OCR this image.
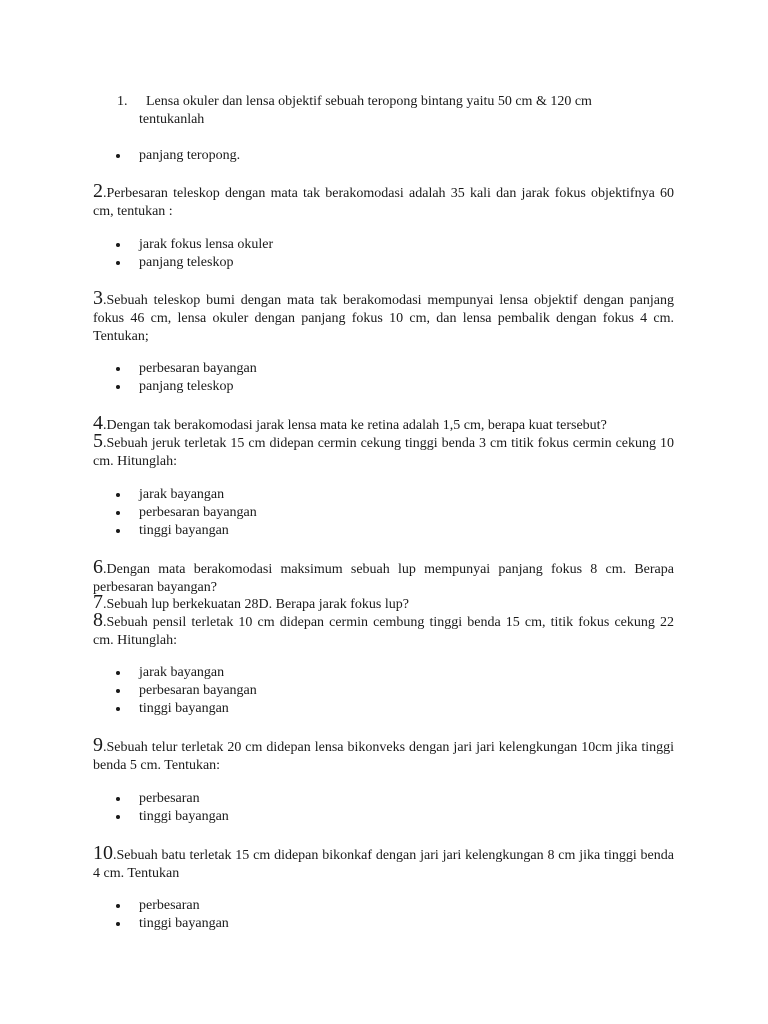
1. Lensa okuler dan lensa objektif sebuah teropong bintang yaitu 50 cm & 120 cm
tentukanlah
panjang teropong.
2.Perbesaran teleskop dengan mata tak berakomodasi adalah 35 kali dan jarak fokus objektifnya 60 cm, tentukan :
jarak fokus lensa okuler
panjang teleskop
3.Sebuah teleskop bumi dengan mata tak berakomodasi mempunyai lensa objektif dengan panjang fokus 46 cm, lensa okuler dengan panjang fokus 10 cm, dan lensa pembalik dengan fokus 4 cm. Tentukan;
perbesaran bayangan
panjang teleskop
4.Dengan tak berakomodasi jarak lensa mata ke retina adalah 1,5 cm, berapa kuat tersebut?
5.Sebuah jeruk terletak 15 cm didepan cermin cekung tinggi benda 3 cm titik fokus cermin cekung 10 cm. Hitunglah:
jarak bayangan
perbesaran bayangan
tinggi bayangan
6.Dengan mata berakomodasi maksimum sebuah lup mempunyai panjang fokus 8 cm. Berapa perbesaran bayangan?
7.Sebuah lup berkekuatan 28D. Berapa jarak fokus lup?
8.Sebuah pensil terletak 10 cm didepan cermin cembung tinggi benda 15 cm, titik fokus cekung 22 cm. Hitunglah:
jarak bayangan
perbesaran bayangan
tinggi bayangan
9.Sebuah telur terletak 20 cm didepan lensa bikonveks dengan jari jari kelengkungan 10cm jika tinggi benda 5 cm. Tentukan:
perbesaran
tinggi bayangan
10.Sebuah batu terletak 15 cm didepan bikonkaf dengan jari jari kelengkungan 8 cm jika tinggi benda 4 cm. Tentukan
perbesaran
tinggi bayangan
